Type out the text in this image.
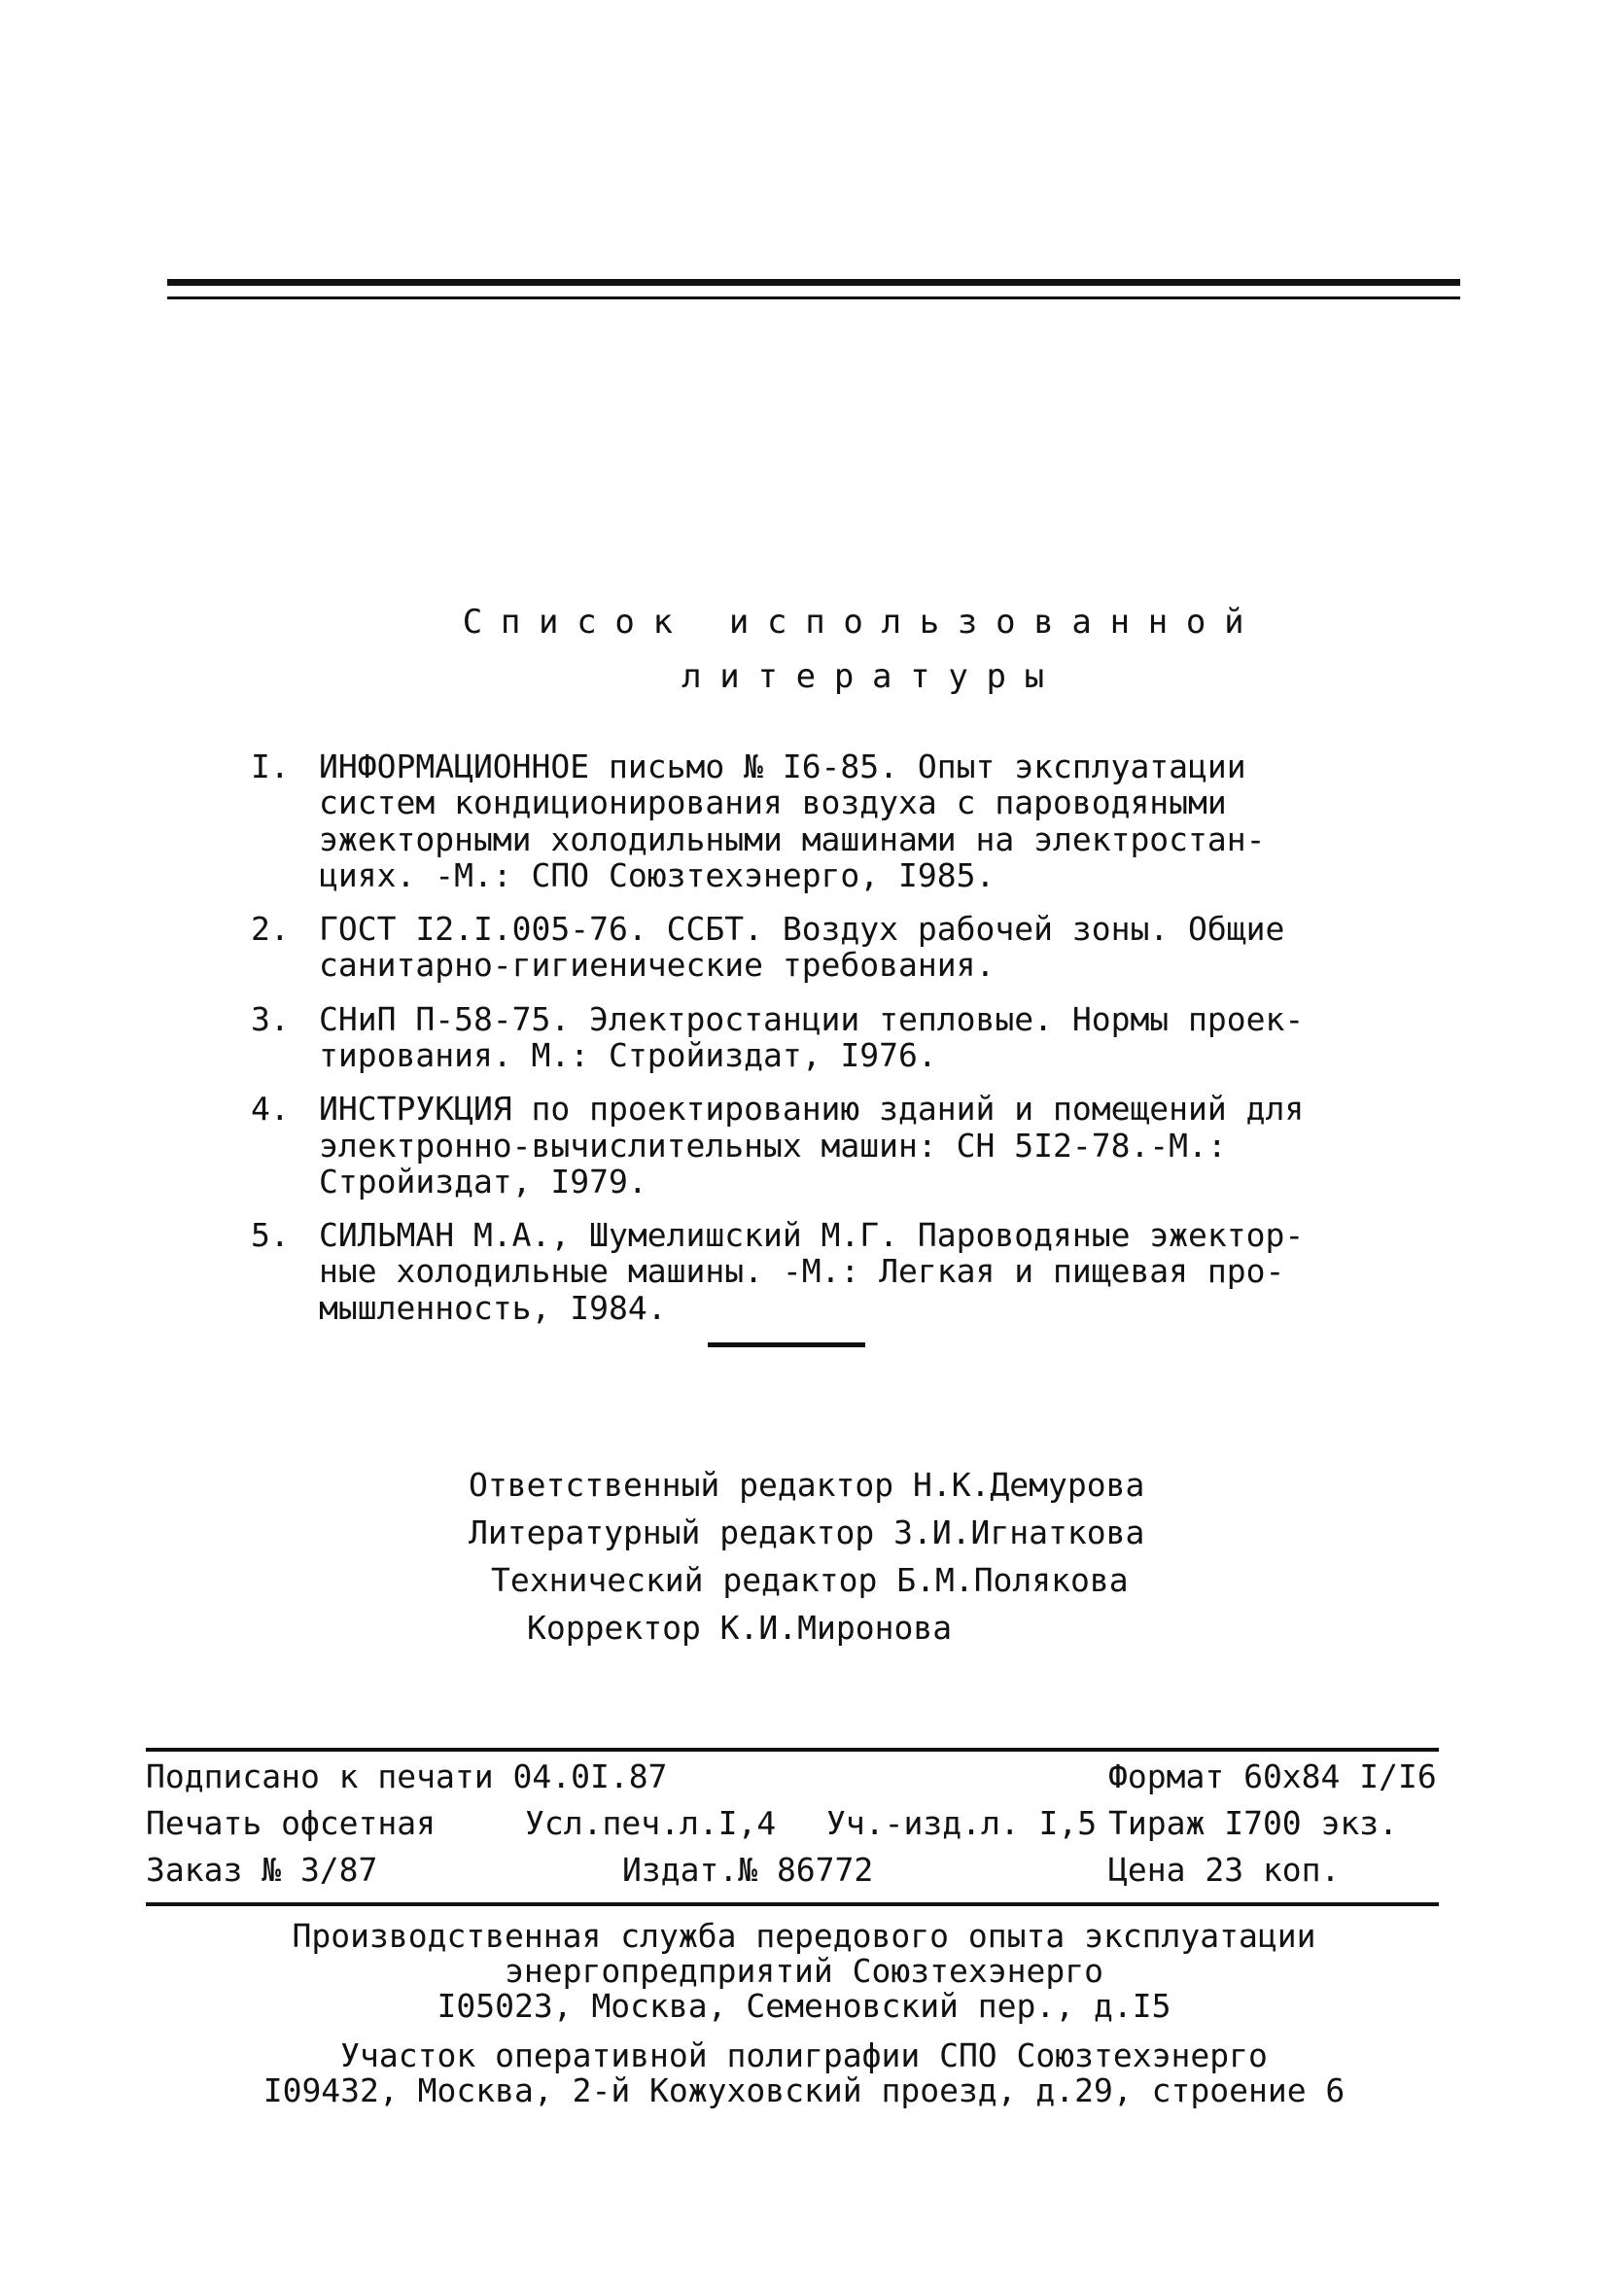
Список использованной
литературы
I. ИНФОРМАЦИОННОЕ письмо № I6-85. Опыт эксплуатации
систем кондиционирования воздуха с пароводяными
эжекторными холодильными машинами на электростан-
циях. -М.: СПО Союзтехэнерго, I985.
2. ГОСТ I2.I.005-76. ССБТ. Воздух рабочей зоны. Общие
санитарно-гигиенические требования.
3. СНиП П-58-75. Электростанции тепловые. Нормы проек-
тирования. М.: Стройиздат, I976.
4. ИНСТРУКЦИЯ по проектированию зданий и помещений для
электронно-вычислительных машин: СН 5I2-78.-М.:
Стройиздат, I979.
5. СИЛЬМАН М.А., Шумелишский М.Г. Пароводяные эжектор-
ные холодильные машины. -М.: Легкая и пищевая про-
мышленность, I984.
Ответственный редактор Н.К.Демурова
Литературный редактор З.И.Игнаткова
Технический редактор Б.М.Полякова
Корректор К.И.Миронова
Подписано к печати 04.0I.87	Формат 60x84 I/I6
Печать офсетная	Усл.печ.л.I,4 Уч.-изд.л. I,5 Тираж I700 экз.
Заказ № 3/87	Издат.№ 86772	Цена 23 коп.
Производственная служба передового опыта эксплуатации
энергопредприятий Союзтехэнерго
I05023, Москва, Семеновский пер., д.I5
Участок оперативной полиграфии СПО Союзтехэнерго
I09432, Москва, 2-й Кожуховский проезд, д.29, строение 6
